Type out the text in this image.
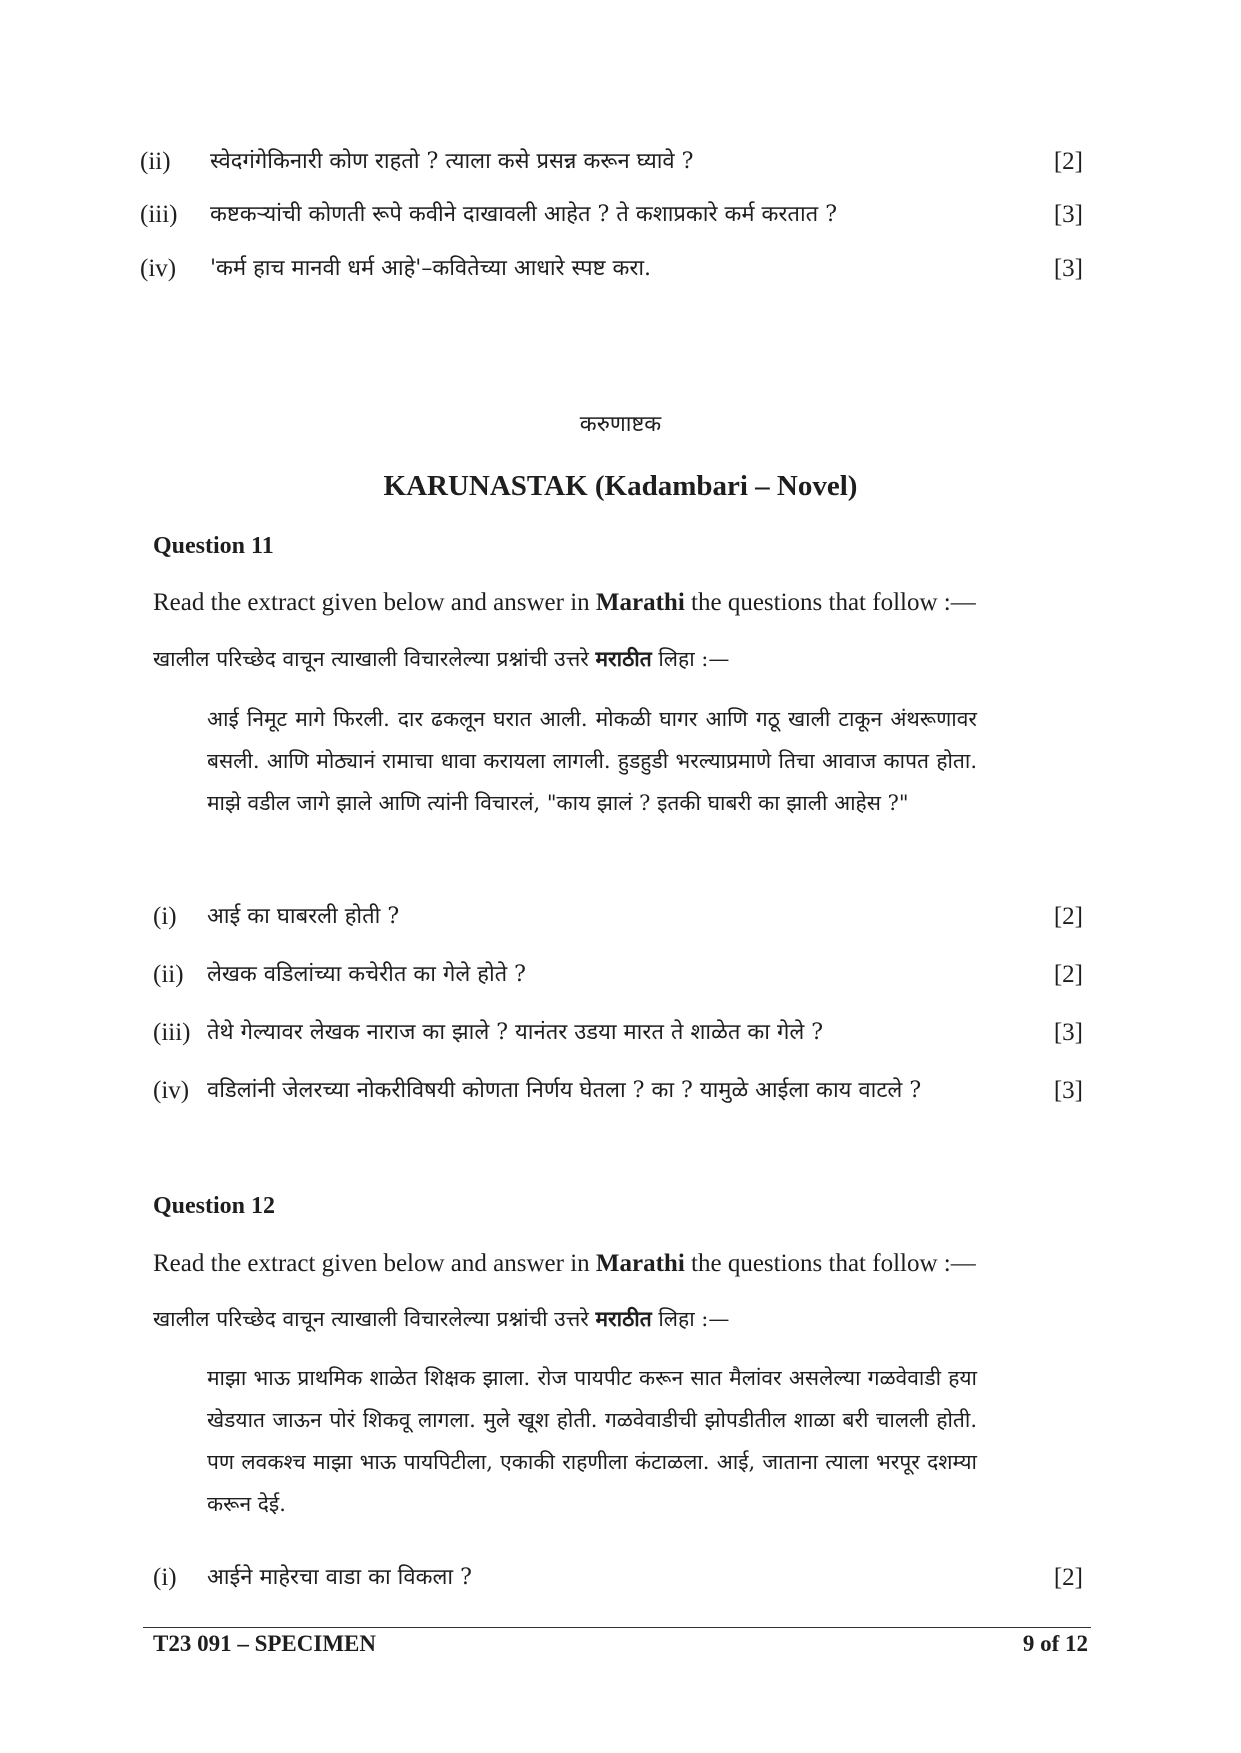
(ii) स्वेदगंगेकिनारी कोण राहतो ? त्याला कसे प्रसन्न करून घ्यावे ?	[2]
(iii) कष्टकऱ्यांची कोणती रूपे कवीने दाखावली आहेत ? ते कशाप्रकारे कर्म करतात ?	[3]
(iv) 'कर्म हाच मानवी धर्म आहे'–कवितेच्या आधारे स्पष्ट करा.	[3]
करुणाष्टक
KARUNASTAK (Kadambari – Novel)
Question 11
Read the extract given below and answer in Marathi the questions that follow :—
खालील परिच्छेद वाचून त्याखाली विचारलेल्या प्रश्नांची उत्तरे मराठीत लिहा :—
आई निमूट मागे फिरली. दार ढकलून घरात आली. मोकळी घागर आणि गठू खाली टाकून अंथरूणावर बसली. आणि मोठ्यानं रामाचा धावा करायला लागली. हुडहुडी भरल्याप्रमाणे तिचा आवाज कापत होता. माझे वडील जागे झाले आणि त्यांनी विचारलं, "काय झालं ? इतकी घाबरी का झाली आहेस ?"
(i) आई का घाबरली होती ?	[2]
(ii) लेखक वडिलांच्या कचेरीत का गेले होते ?	[2]
(iii) तेथे गेल्यावर लेखक नाराज का झाले ? यानंतर उडया मारत ते शाळेत का गेले ?	[3]
(iv) वडिलांनी जेलरच्या नोकरीविषयी कोणता निर्णय घेतला ? का ? यामुळे आईला काय वाटले ?	[3]
Question 12
Read the extract given below and answer in Marathi the questions that follow :—
खालील परिच्छेद वाचून त्याखाली विचारलेल्या प्रश्नांची उत्तरे मराठीत लिहा :—
माझा भाऊ प्राथमिक शाळेत शिक्षक झाला. रोज पायपीट करून सात मैलांवर असलेल्या गळवेवाडी हया खेडयात जाऊन पोरं शिकवू लागला. मुले खूश होती. गळवेवाडीची झोपडीतील शाळा बरी चालली होती. पण लवकश्च माझा भाऊ पायपिटीला, एकाकी राहणीला कंटाळला. आई, जाताना त्याला भरपूर दशम्या करून देई.
(i) आईने माहेरचा वाडा का विकला ?	[2]
T23 091 – SPECIMEN	9 of 12
